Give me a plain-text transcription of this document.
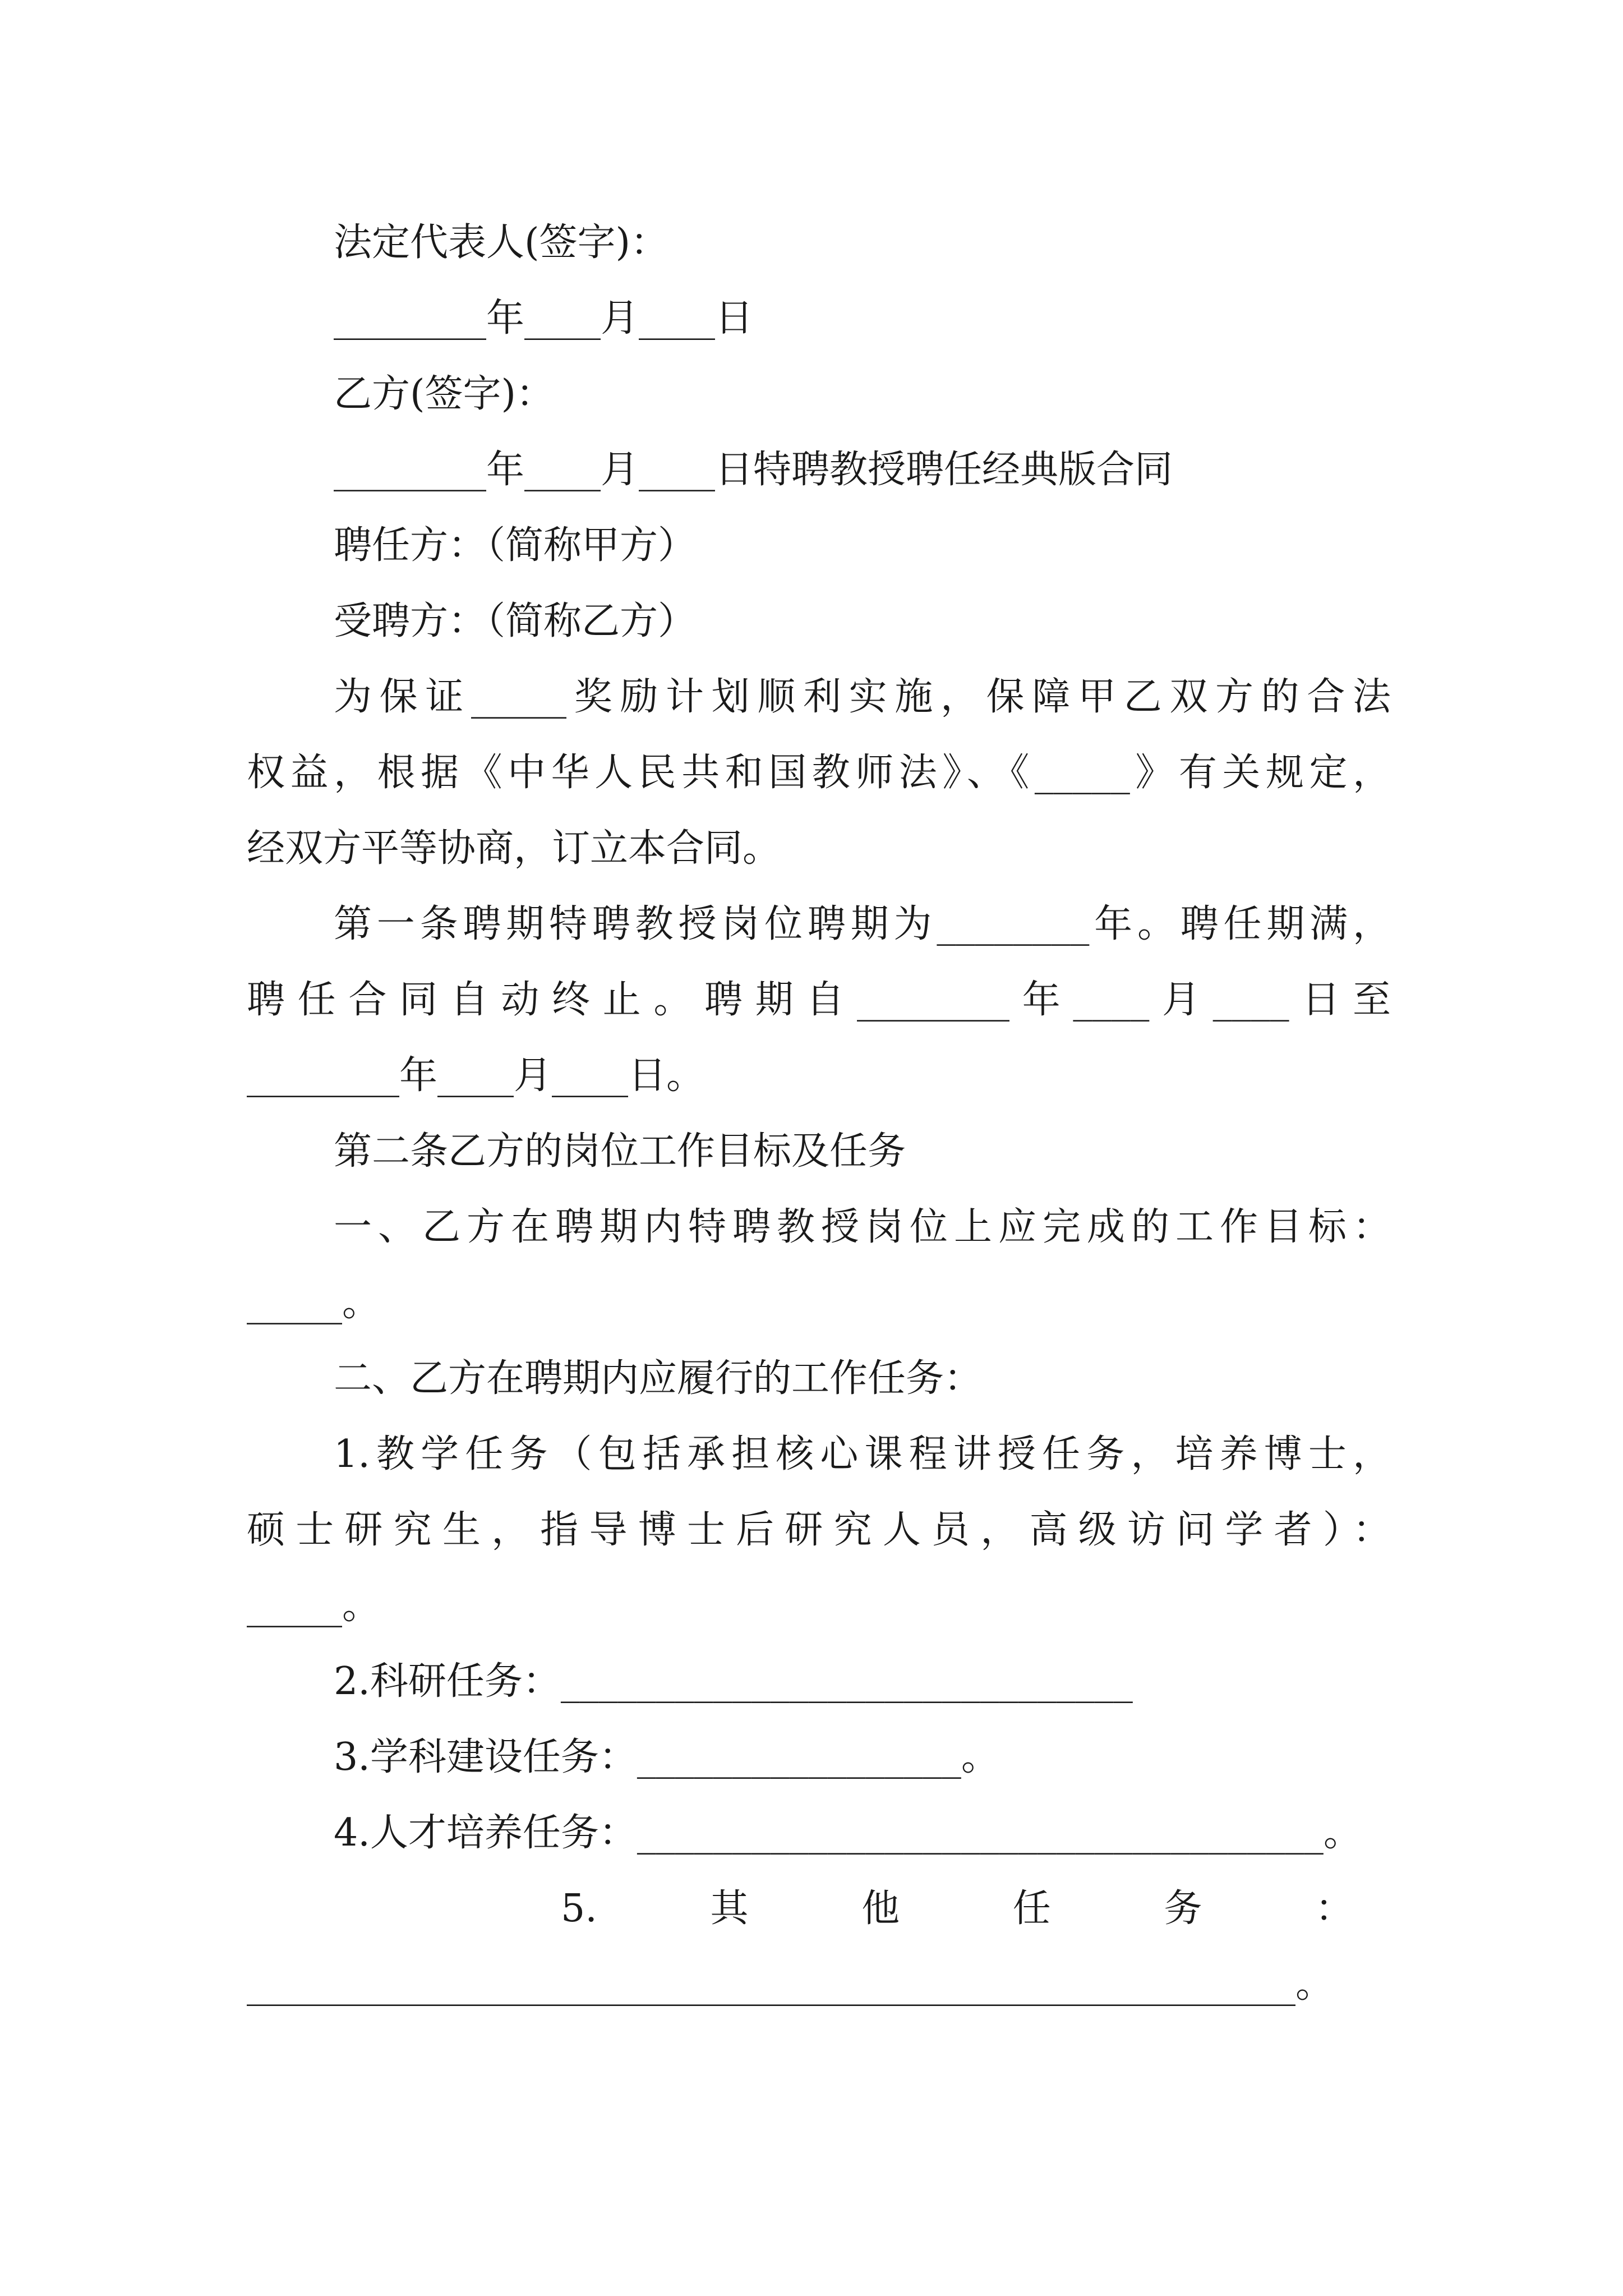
法定代表人(签字)：
________年____月____日
乙方(签字)：
________年____月____日特聘教授聘任经典版合同
聘任方：（简称甲方）
受聘方：（简称乙方）
为保证_____奖励计划顺利实施，保障甲乙双方的合法
权益，根据《中华人民共和国教师法》、《_____》有关规定，
经双方平等协商，订立本合同。
第一条聘期特聘教授岗位聘期为________年。聘任期满，
聘任合同自动终止。聘期自________年____月____日至
________年____月____日。
第二条乙方的岗位工作目标及任务
一、乙方在聘期内特聘教授岗位上应完成的工作目标：
_____。
二、乙方在聘期内应履行的工作任务：
1.教学任务（包括承担核心课程讲授任务，培养博士，
硕士研究生，指导博士后研究人员，高级访问学者）：
_____。
2.科研任务：______________________________
3.学科建设任务：_________________。
4.人才培养任务：____________________________________。
5. 其 他 任 务 ：
_______________________________________________________。
